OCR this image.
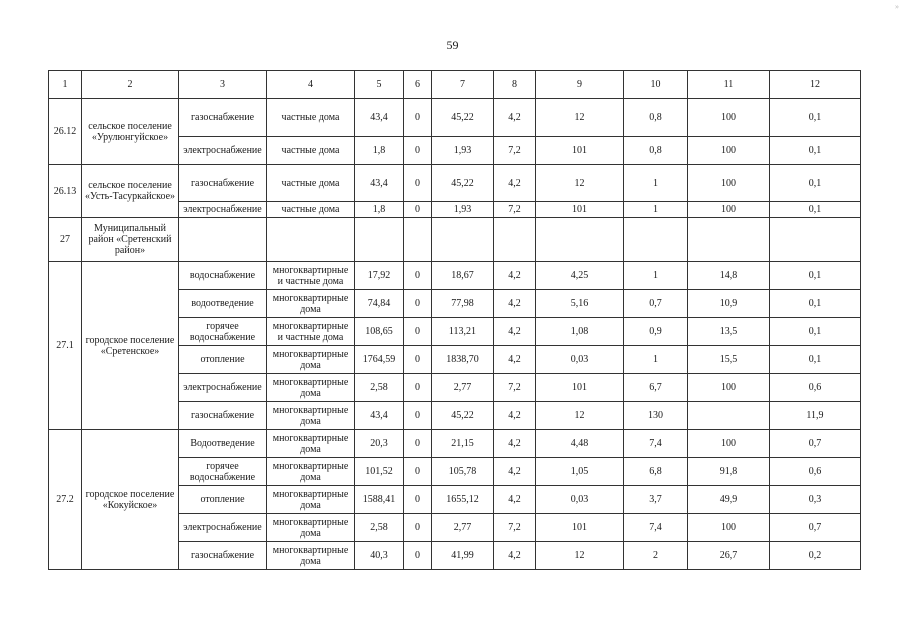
»
59
1	2	3	4	5	6	7	8	9	10	11	12
26.12	сельское поселение «Урулюнгуйское»	газоснабжение	частные дома	43,4	0	45,22	4,2	12	0,8	100	0,1
		электроснабжение	частные дома	1,8	0	1,93	7,2	101	0,8	100	0,1
26.13	сельское поселение «Усть-Тасуркайское»	газоснабжение	частные дома	43,4	0	45,22	4,2	12	1	100	0,1
		электроснабжение	частные дома	1,8	0	1,93	7,2	101	1	100	0,1
27	Муниципальный район «Сретенский район»										
27.1	городское поселение «Сретенское»	водоснабжение	многоквартирные и частные дома	17,92	0	18,67	4,2	4,25	1	14,8	0,1
		водоотведение	многоквартирные дома	74,84	0	77,98	4,2	5,16	0,7	10,9	0,1
		горячее водоснабжение	многоквартирные и частные дома	108,65	0	113,21	4,2	1,08	0,9	13,5	0,1
		отопление	многоквартирные дома	1764,59	0	1838,70	4,2	0,03	1	15,5	0,1
		электроснабжение	многоквартирные дома	2,58	0	2,77	7,2	101	6,7	100	0,6
		газоснабжение	многоквартирные дома	43,4	0	45,22	4,2	12	130		11,9
27.2	городское поселение «Кокуйское»	Водоотведение	многоквартирные дома	20,3	0	21,15	4,2	4,48	7,4	100	0,7
		горячее водоснабжение	многоквартирные дома	101,52	0	105,78	4,2	1,05	6,8	91,8	0,6
		отопление	многоквартирные дома	1588,41	0	1655,12	4,2	0,03	3,7	49,9	0,3
		электроснабжение	многоквартирные дома	2,58	0	2,77	7,2	101	7,4	100	0,7
		газоснабжение	многоквартирные дома	40,3	0	41,99	4,2	12	2	26,7	0,2
